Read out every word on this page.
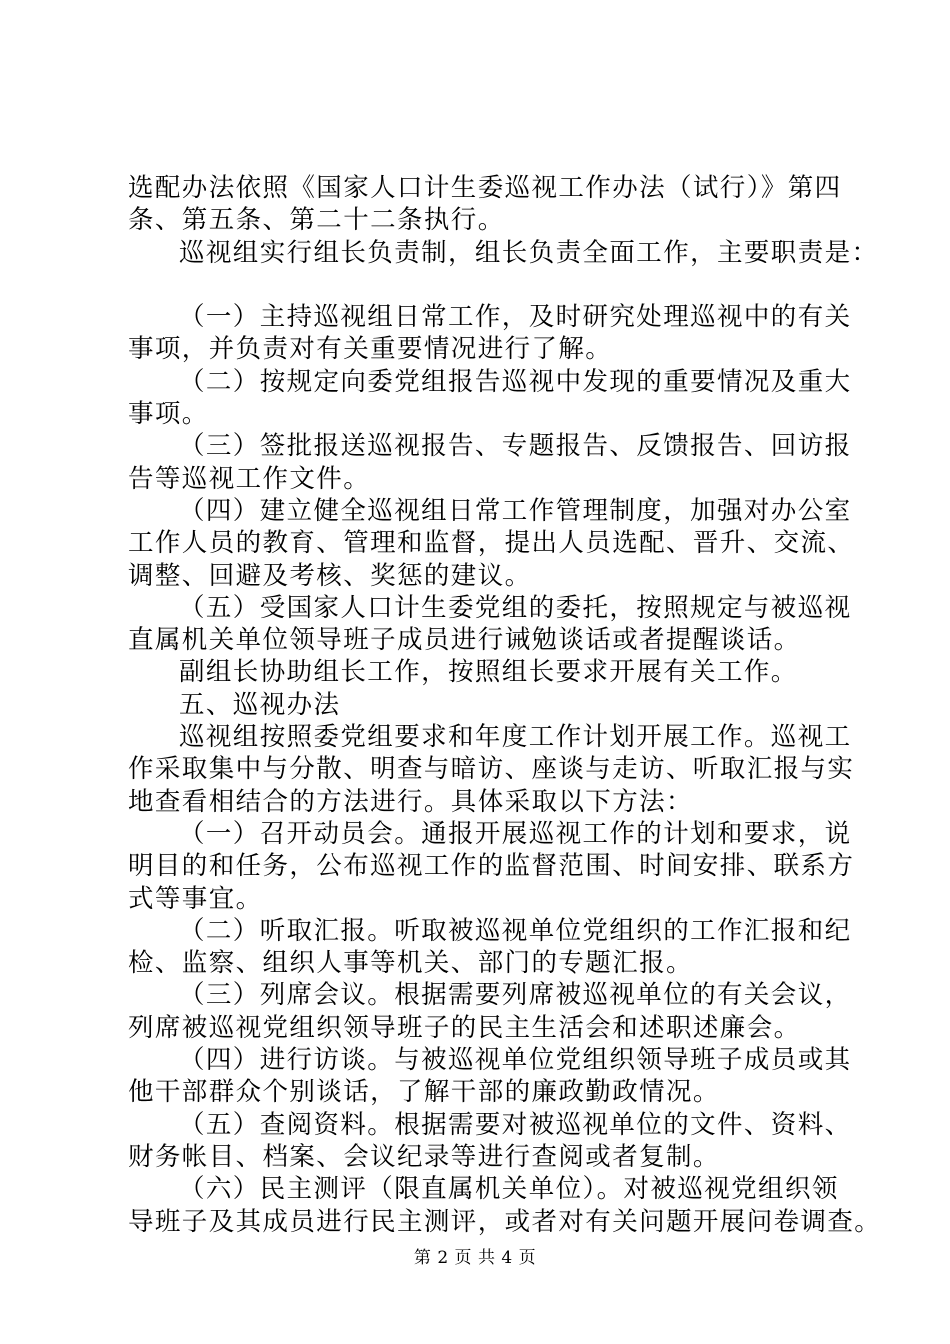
选配办法依照《国家人口计生委巡视工作办法（试行）》第四
条、第五条、第二十二条执行。
巡视组实行组长负责制，组长负责全面工作，主要职责是：
（一）主持巡视组日常工作，及时研究处理巡视中的有关
事项，并负责对有关重要情况进行了解。
（二）按规定向委党组报告巡视中发现的重要情况及重大
事项。
（三）签批报送巡视报告、专题报告、反馈报告、回访报
告等巡视工作文件。
（四）建立健全巡视组日常工作管理制度，加强对办公室
工作人员的教育、管理和监督，提出人员选配、晋升、交流、
调整、回避及考核、奖惩的建议。
（五）受国家人口计生委党组的委托，按照规定与被巡视
直属机关单位领导班子成员进行诫勉谈话或者提醒谈话。
副组长协助组长工作，按照组长要求开展有关工作。
五、巡视办法
巡视组按照委党组要求和年度工作计划开展工作。巡视工
作采取集中与分散、明查与暗访、座谈与走访、听取汇报与实
地查看相结合的方法进行。具体采取以下方法：
（一）召开动员会。通报开展巡视工作的计划和要求，说
明目的和任务，公布巡视工作的监督范围、时间安排、联系方
式等事宜。
（二）听取汇报。听取被巡视单位党组织的工作汇报和纪
检、监察、组织人事等机关、部门的专题汇报。
（三）列席会议。根据需要列席被巡视单位的有关会议，
列席被巡视党组织领导班子的民主生活会和述职述廉会。
（四）进行访谈。与被巡视单位党组织领导班子成员或其
他干部群众个别谈话，了解干部的廉政勤政情况。
（五）查阅资料。根据需要对被巡视单位的文件、资料、
财务帐目、档案、会议纪录等进行查阅或者复制。
（六）民主测评（限直属机关单位）。对被巡视党组织领
导班子及其成员进行民主测评，或者对有关问题开展问卷调查。
第 2 页 共 4 页
